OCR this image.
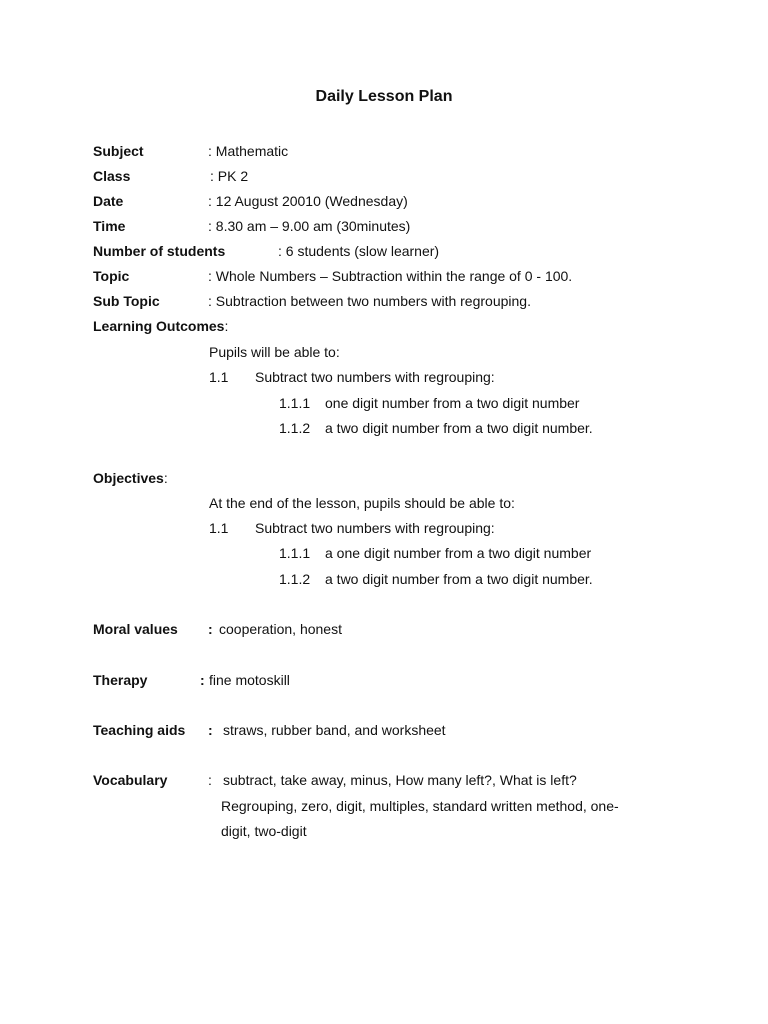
Daily Lesson Plan
Subject	: Mathematic
Class	: PK 2
Date	: 12 August 20010 (Wednesday)
Time	: 8.30 am – 9.00 am (30minutes)
Number of students	: 6 students (slow learner)
Topic	: Whole Numbers – Subtraction within the range of 0 - 100.
Sub Topic	: Subtraction between two numbers with regrouping.
Learning Outcomes:
Pupils will be able to:
1.1 Subtract two numbers with regrouping:
1.1.1 one digit number from a two digit number
1.1.2 a two digit number from a two digit number.
Objectives:
At the end of the lesson, pupils should be able to:
1.1 Subtract two numbers with regrouping:
1.1.1 a one digit number from a two digit number
1.1.2 a two digit number from a two digit number.
Moral values : cooperation, honest
Therapy	: fine motoskill
Teaching aids : straws, rubber band, and worksheet
Vocabulary	: subtract, take away, minus, How many left?, What is left?
Regrouping, zero, digit, multiples, standard written method, one-
digit, two-digit
